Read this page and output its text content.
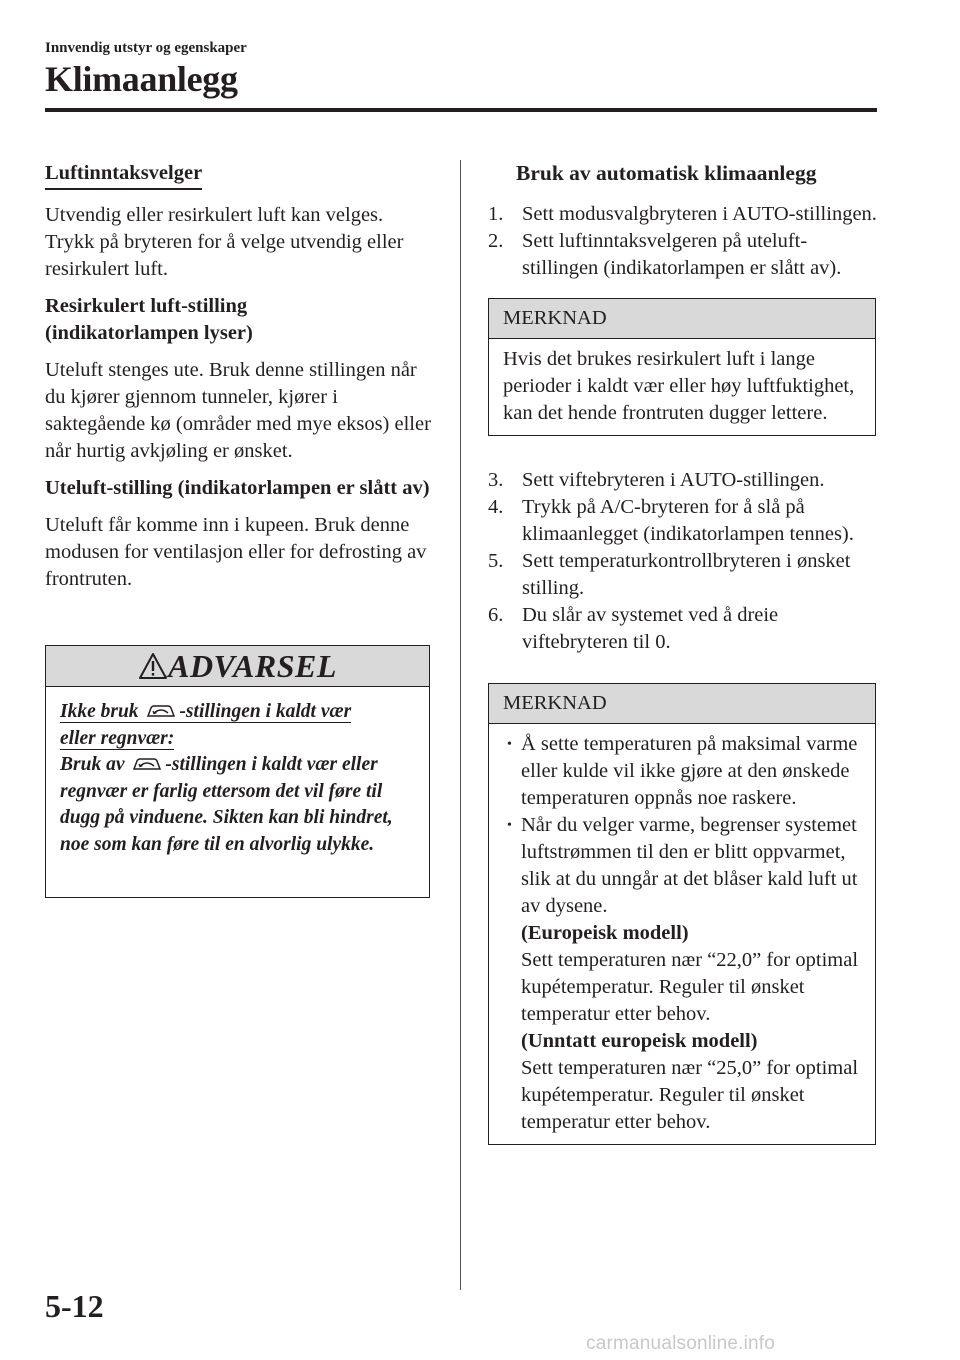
Innvendig utstyr og egenskaper
Klimaanlegg
Luftinntaksvelger

Utvendig eller resirkulert luft kan velges. Trykk på bryteren for å velge utvendig eller resirkulert luft.

Resirkulert luft-stilling
(indikatorlampen lyser)

Uteluft stenges ute. Bruk denne stillingen når du kjører gjennom tunneler, kjører i saktegående kø (områder med mye eksos) eller når hurtig avkjøling er ønsket.

Uteluft-stilling (indikatorlampen er slått av)

Uteluft får komme inn i kupeen. Bruk denne modusen for ventilasjon eller for defrosting av frontruten.

ADVARSEL
Ikke bruk -stillingen i kaldt vær
eller regnvær:
Bruk av -stillingen i kaldt vær eller regnvær er farlig ettersom det vil føre til dugg på vinduene. Sikten kan bli hindret, noe som kan føre til en alvorlig ulykke.
Bruk av automatisk klimaanlegg
1. Sett modusvalgbryteren i AUTO-stillingen.
2. Sett luftinntaksvelgeren på uteluft-stillingen (indikatorlampen er slått av).
MERKNAD
Hvis det brukes resirkulert luft i lange perioder i kaldt vær eller høy luftfuktighet, kan det hende frontruten dugger lettere.
3. Sett viftebryteren i AUTO-stillingen.
4. Trykk på A/C-bryteren for å slå på klimaanlegget (indikatorlampen tennes).
5. Sett temperaturkontrollbryteren i ønsket stilling.
6. Du slår av systemet ved å dreie viftebryteren til 0.
MERKNAD
• Å sette temperaturen på maksimal varme eller kulde vil ikke gjøre at den ønskede temperaturen oppnås noe raskere.
• Når du velger varme, begrenser systemet luftstrømmen til den er blitt oppvarmet, slik at du unngår at det blåser kald luft ut av dysene.
(Europeisk modell)
Sett temperaturen nær “22,0” for optimal kupétemperatur. Reguler til ønsket temperatur etter behov.
(Unntatt europeisk modell)
Sett temperaturen nær “25,0” for optimal kupétemperatur. Reguler til ønsket temperatur etter behov.
5-12
carmanualsonline.info
